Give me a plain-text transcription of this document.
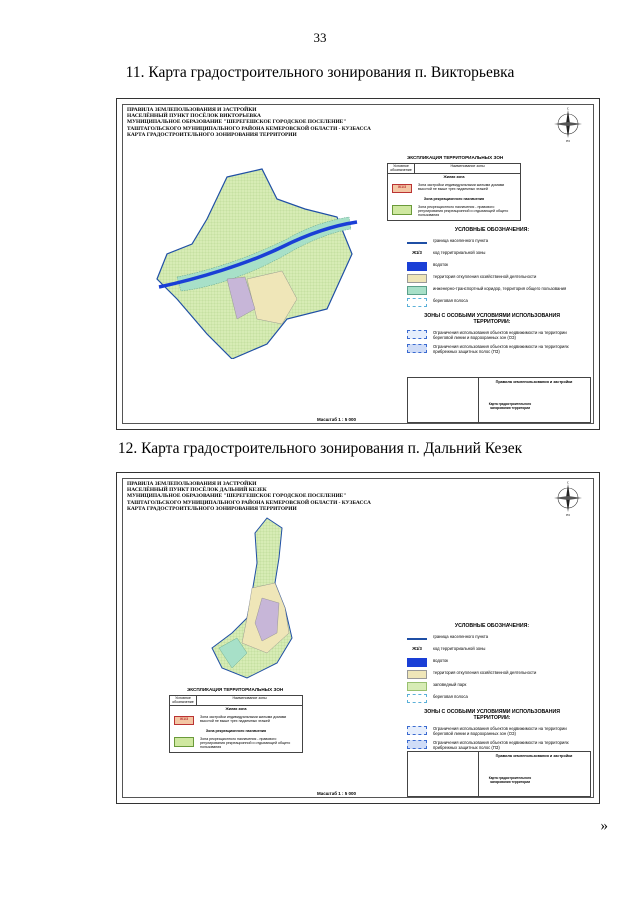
33
11. Карта градостроительного зонирования п. Викторьевка
ПРАВИЛА ЗЕМЛЕПОЛЬЗОВАНИЯ И ЗАСТРОЙКИ
НАСЕЛЁННЫЙ ПУНКТ ПОСЁЛОК ВИКТОРЬЕВКА
МУНИЦИПАЛЬНОЕ ОБРАЗОВАНИЕ "ШЕРЕГЕШСКОЕ ГОРОДСКОЕ ПОСЕЛЕНИЕ"
ТАШТАГОЛЬСКОГО МУНИЦИПАЛЬНОГО РАЙОНА КЕМЕРОВСКОЙ ОБЛАСТИ - КУЗБАССА
КАРТА ГРАДОСТРОИТЕЛЬНОГО ЗОНИРОВАНИЯ ТЕРРИТОРИИ
С
Ю
ЭКСПЛИКАЦИЯ ТЕРРИТОРИАЛЬНЫХ ЗОН
Условное обозначение
Наименование зоны
Жилая зона
Ж1/3	Зона застройки индивидуальными жилыми домами высотой не выше трех надземных этажей
Зона рекреационного назначения
Зона рекреационного назначения - правового регулирования рекреационной и отдыхающей общего пользования
УСЛОВНЫЕ ОБОЗНАЧЕНИЯ:
граница населенного пункта
Ж1/3	код территориальной зоны
водоток
территория откупления хозяйственной деятельности
инженерно-транспортный коридор, территория общего пользования
береговая полоса
ЗОНЫ С ОСОБЫМИ УСЛОВИЯМИ ИСПОЛЬЗОВАНИЯ ТЕРРИТОРИИ:
Ограничения использования объектов недвижимости на территории береговой линии и водоохранных зон (ОЗ)
Ограничения использования объектов недвижимости на территориях прибрежных защитных полос (ПЗ)
Правила землепользования и застройки
Карта градостроительного зонирования территории
Масштаб 1 : 5 000
12. Карта градостроительного зонирования п. Дальний Кезек
ПРАВИЛА ЗЕМЛЕПОЛЬЗОВАНИЯ И ЗАСТРОЙКИ
НАСЕЛЁННЫЙ ПУНКТ ПОСЁЛОК ДАЛЬНИЙ КЕЗЕК
МУНИЦИПАЛЬНОЕ ОБРАЗОВАНИЕ "ШЕРЕГЕШСКОЕ ГОРОДСКОЕ ПОСЕЛЕНИЕ"
ТАШТАГОЛЬСКОГО МУНИЦИПАЛЬНОГО РАЙОНА КЕМЕРОВСКОЙ ОБЛАСТИ - КУЗБАССА
КАРТА ГРАДОСТРОИТЕЛЬНОГО ЗОНИРОВАНИЯ ТЕРРИТОРИИ
С
Ю
УСЛОВНЫЕ ОБОЗНАЧЕНИЯ:
граница населенного пункта
Ж1/3	код территориальной зоны
водоток
территория откупления хозяйственной деятельности
заповедный парк
береговая полоса
ЗОНЫ С ОСОБЫМИ УСЛОВИЯМИ ИСПОЛЬЗОВАНИЯ ТЕРРИТОРИИ:
Ограничения использования объектов недвижимости на территории береговой линии и водоохранных зон (ОЗ)
Ограничения использования объектов недвижимости на территориях прибрежных защитных полос (ПЗ)
ЭКСПЛИКАЦИЯ ТЕРРИТОРИАЛЬНЫХ ЗОН
Условное обозначение
Наименование зоны
Жилая зона
Ж1/3	Зона застройки индивидуальными жилыми домами высотой не выше трех надземных этажей
Зона рекреационного назначения
Зона рекреационного назначения - правового регулирования рекреационной и отдыхающей общего пользования
Правила землепользования и застройки
Карта градостроительного зонирования территории
Масштаб 1 : 5 000
»
